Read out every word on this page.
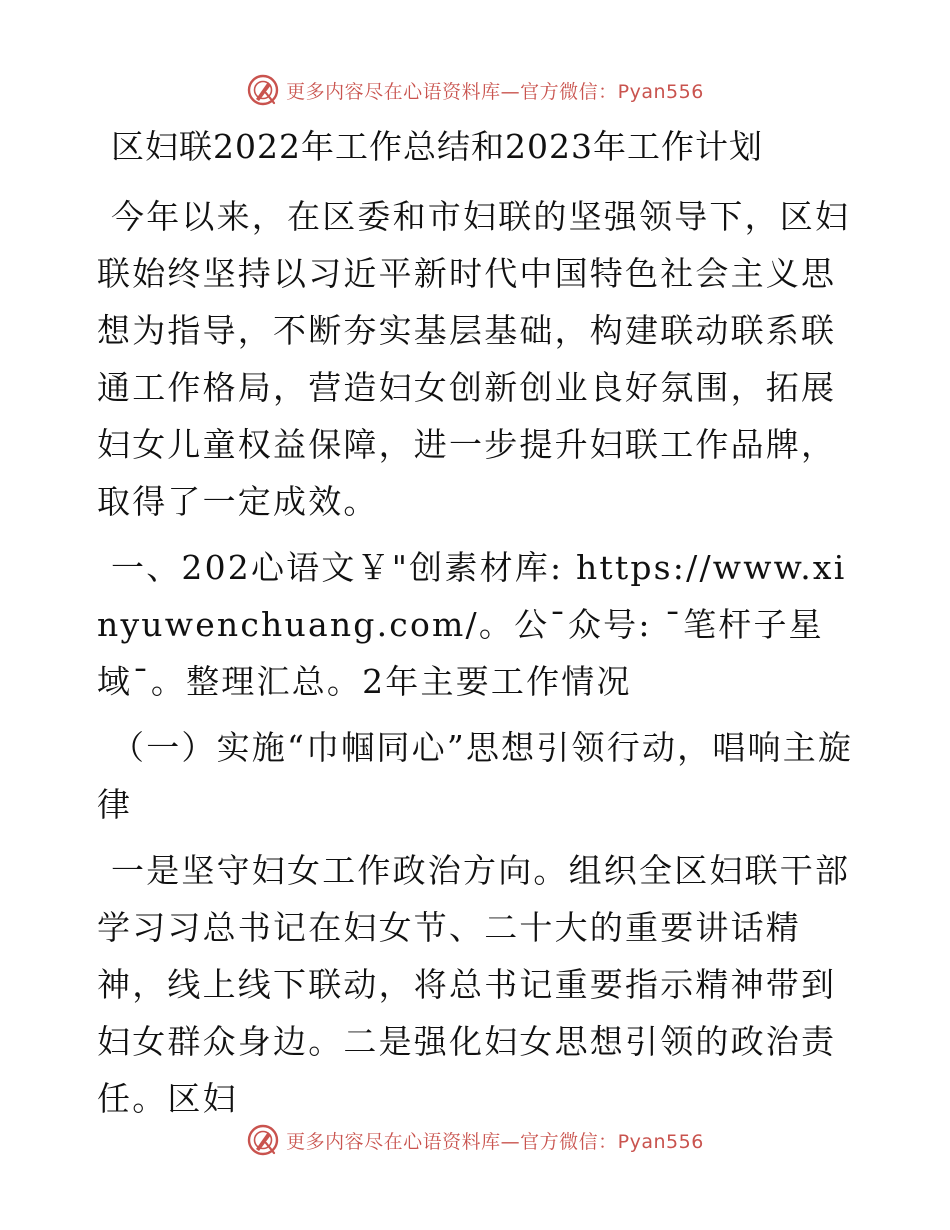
更多内容尽在心语资料库—官方微信：Pyan556
区妇联2022年工作总结和2023年工作计划

今年以来，在区委和市妇联的坚强领导下，区妇联始终坚持以习近平新时代中国特色社会主义思想为指导，不断夯实基层基础，构建联动联系联通工作格局，营造妇女创新创业良好氛围，拓展妇女儿童权益保障，进一步提升妇联工作品牌，取得了一定成效。

一、202心语文￥"创素材库: https://www.xinyuwenchuang.com/。公¯众号: ¯笔杆子星域¯。整理汇总。2年主要工作情况

（一）实施“巾帼同心”思想引领行动，唱响主旋律

一是坚守妇女工作政治方向。组织全区妇联干部学习习总书记在妇女节、二十大的重要讲话精神，线上线下联动，将总书记重要指示精神带到妇女群众身边。二是强化妇女思想引领的政治责任。区妇

更多内容尽在心语资料库—官方微信：Pyan556
